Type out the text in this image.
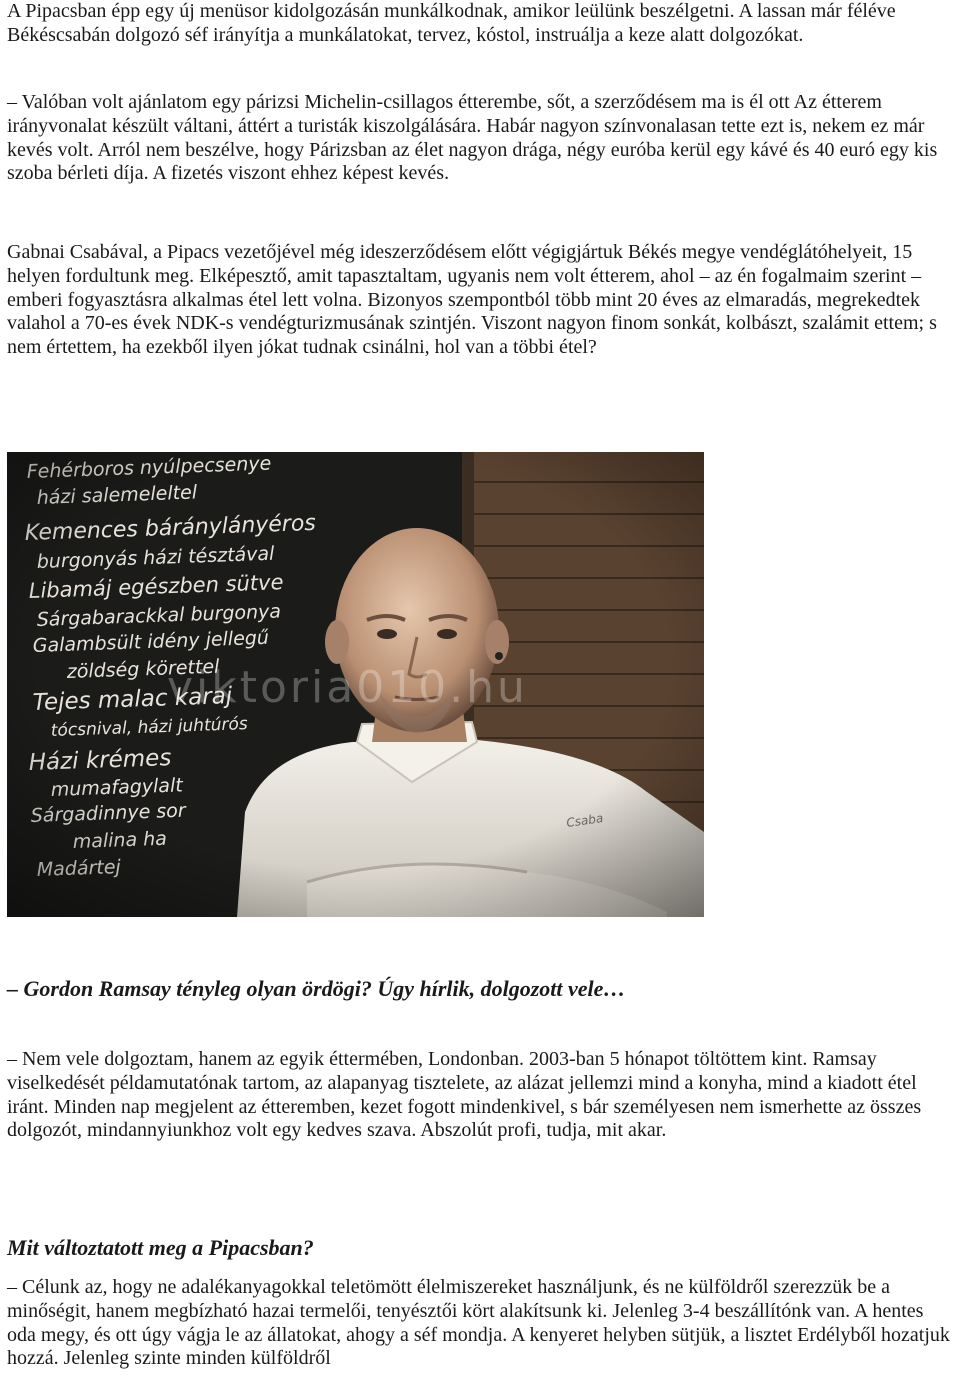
A Pipacsban épp egy új menüsor kidolgozásán munkálkodnak, amikor leülünk beszélgetni. A lassan már féléve Békéscsabán dolgozó séf irányítja a munkálatokat, tervez, kóstol, instruálja a keze alatt dolgozókat.

– Valóban volt ajánlatom egy párizsi Michelin-csillagos étterembe, sőt, a szerződésem ma is él ott Az étterem irányvonalat készült váltani, áttért a turisták kiszolgálására. Habár nagyon színvonalasan tette ezt is, nekem ez már kevés volt. Arról nem beszélve, hogy Párizsban az élet nagyon drága, négy euróba kerül egy kávé és 40 euró egy kis szoba bérleti díja. A fizetés viszont ehhez képest kevés.

Gabnai Csabával, a Pipacs vezetőjével még ideszerződésem előtt végigjártuk Békés megye vendéglátóhelyeit, 15 helyen fordultunk meg. Elképesztő, amit tapasztaltam, ugyanis nem volt étterem, ahol – az én fogalmaim szerint – emberi fogyasztásra alkalmas étel lett volna. Bizonyos szempontból több mint 20 éves az elmaradás, megrekedtek valahol a 70-es évek NDK-s vendégturizmusának szintjén. Viszont nagyon finom sonkát, kolbászt, szalámit ettem; s nem értettem, ha ezekből ilyen jókat tudnak csinálni, hol van a többi étel?

– Gordon Ramsay tényleg olyan ördögi? Úgy hírlik, dolgozott vele…

– Nem vele dolgoztam, hanem az egyik éttermében, Londonban. 2003-ban 5 hónapot töltöttem kint. Ramsay viselkedését példamutatónak tartom, az alapanyag tisztelete, az alázat jellemzi mind a konyha, mind a kiadott étel iránt. Minden nap megjelent az étteremben, kezet fogott mindenkivel, s bár személyesen nem ismerhette az összes dolgozót, mindannyiunkhoz volt egy kedves szava. Abszolút profi, tudja, mit akar.

Mit változtatott meg a Pipacsban?

– Célunk az, hogy ne adalékanyagokkal teletömött élelmiszereket használjunk, és ne külföldről szerezzük be a minőségit, hanem megbízható hazai termelői, tenyésztői kört alakítsunk ki. Jelenleg 3-4 beszállítónk van. A hentes oda megy, és ott úgy vágja le az állatokat, ahogy a séf mondja. A kenyeret helyben sütjük, a lisztet Erdélyből hozatjuk hozzá. Jelenleg szinte minden külföldről
